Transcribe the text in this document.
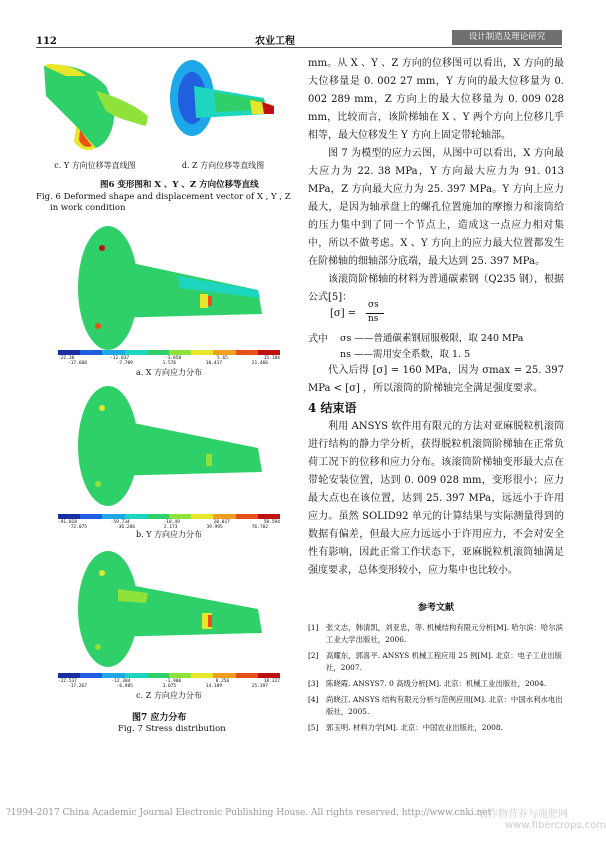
112	农业工程	设计制造及理论研究
c. Y 方向位移等直线图	d. Z 方向位移等直线图
图6 变形图和 X 、Y 、Z 方向位移等直线
Fig. 6 Deformed shape and displacement vector of X , Y , Z
in work condition
-22.38	-12.837	-3.858	5.65	15.184
-17.608	-7.709	1.576	10.417	21.466
a. X 方向应力分布
-91.018	-59.734	-18.49	20.017	58.594
-72.075	-36.286	2.173	39.995	76.782
b. Y 方向应力分布
-22.537	-12.384	-1.906	8.256	18.327
-17.267	-6.985	3.075	14.109	25.397
c. Z 方向应力分布
图7 应力分布
Fig. 7 Stress distribution

mm。从 X 、Y 、Z 方向的位移图可以看出，X 方向的最大位移量是 0. 002 27 mm，Y 方向的最大位移量为 0. 002 289 mm，Z 方向上的最大位移量为 0. 009 028 mm，比较而言，该阶梯轴在 X 、Y 两个方向上位移几乎相等，最大位移发生 Y 方向上固定带轮轴部。

图 7 为模型的应力云图，从图中可以看出，X 方向最大应力为 22. 38 MPa，Y 方向最大应力为 91. 013 MPa，Z 方向最大应力为 25. 397 MPa。Y 方向上应力最大，是因为轴承盘上的螺孔位置施加的摩擦力和滚筒给的压力集中到了同一个节点上，造成这一点应力相对集中，所以不做考虑。X 、Y 方向上的应力最大位置都发生在阶梯轴的细轴部分底端，最大达到 25. 397 MPa。

该滚筒阶梯轴的材料为普通碳素钢（Q235 钢），根据公式[5]：

[σ] =
σs
ns
式中 σs ——普通碳素钢屈服极限，取 240 MPa
ns ——需用安全系数，取 1. 5

代入后得 [σ] = 160 MPa，因为 σmax = 25. 397 MPa < [σ] ，所以滚筒的阶梯轴完全满足强度要求。

4 结束语

利用 ANSYS 软件用有限元的方法对亚麻脱粒机滚筒进行结构的静力学分析，获得脱粒机滚筒阶梯轴在正常负荷工况下的位移和应力分布。该滚筒阶梯轴变形最大点在带轮安装位置，达到 0. 009 028 mm，变形很小；应力最大点也在该位置，达到 25. 397 MPa，远远小于许用应力。虽然 SOLID92 单元的计算结果与实际测量得到的数据有偏差，但最大应力远远小于许用应力，不会对安全性有影响，因此正常工作状态下，亚麻脱粒机滚筒轴满足强度要求，总体变形较小，应力集中也比较小。

参考文献
[1] 张文志，韩清凯，刘亚忠，等. 机械结构有限元分析[M]. 哈尔滨：哈尔滨工业大学出版社，2006.
[2] 高耀东，郭喜平. ANSYS 机械工程应用 25 例[M]. 北京：电子工业出版社，2007.
[3] 陈晓霞. ANSYS7. 0 高级分析[M]. 北京：机械工业出版社，2004.
[4] 尚晓江. ANSYS 结构有限元分析与范例应用[M]. 北京：中国水利水电出版社，2005.
[5] 郭玉明. 材料力学[M]. 北京：中国农业出版社，2008.
?1994-2017 China Academic Journal Electronic Publishing House. All rights reserved. http://www.cnki.net
农作物营养与施肥网
www.fibercrops.com
